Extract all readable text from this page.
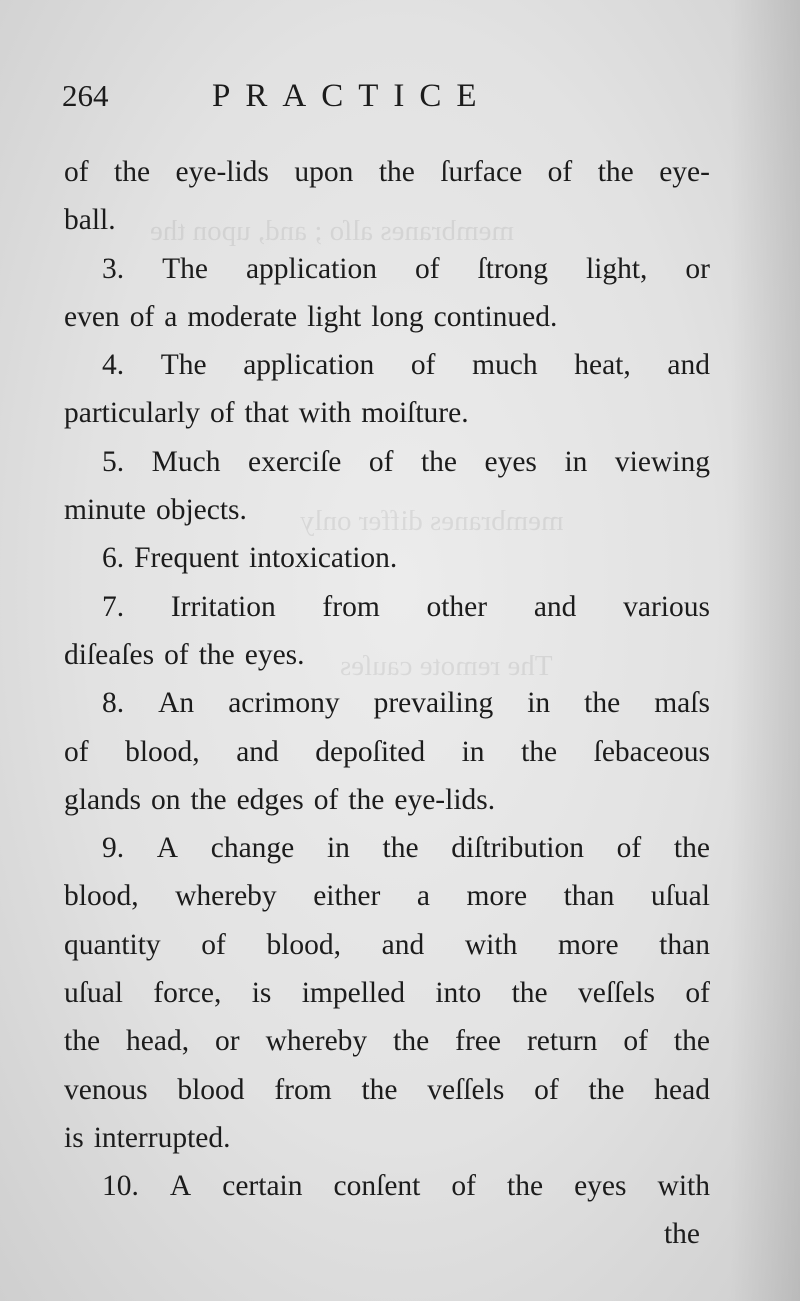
membranes alſo ; and, upon the
membranes differ only
The remote cauſes
264	PRACTICE
of the eye-lids upon the ſurface of the eye-
ball.
3. The application of ſtrong light, or
even of a moderate light long continued.
4. The application of much heat, and
particularly of that with moiſture.
5. Much exerciſe of the eyes in viewing
minute objects.
6. Frequent intoxication.
7. Irritation from other and various
diſeaſes of the eyes.
8. An acrimony prevailing in the maſs
of blood, and depoſited in the ſebaceous
glands on the edges of the eye-lids.
9. A change in the diſtribution of the
blood, whereby either a more than uſual
quantity of blood, and with more than
uſual force, is impelled into the veſſels of
the head, or whereby the free return of the
venous blood from the veſſels of the head
is interrupted.
10. A certain conſent of the eyes with
the
